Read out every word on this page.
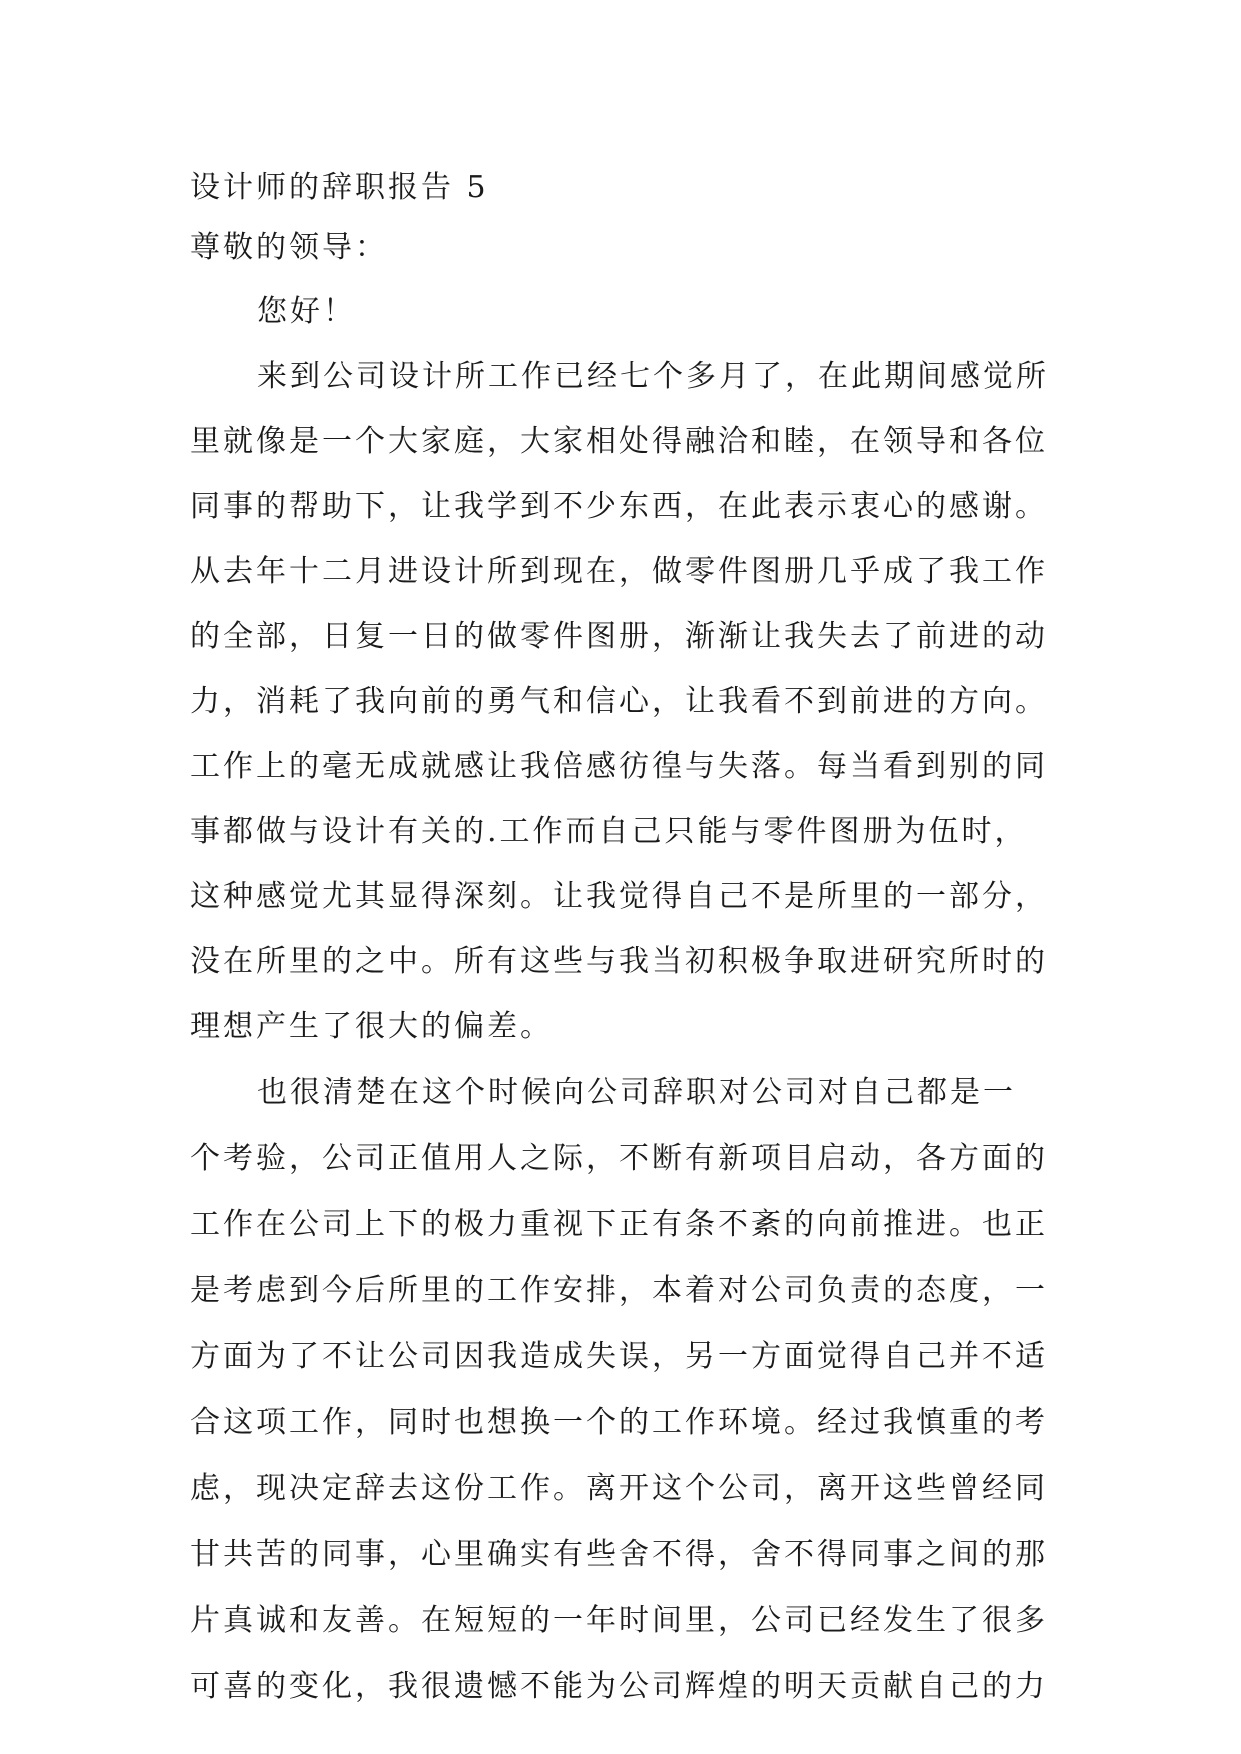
设计师的辞职报告 5
尊敬的领导：
您好！
来到公司设计所工作已经七个多月了，在此期间感觉所
里就像是一个大家庭，大家相处得融洽和睦，在领导和各位
同事的帮助下，让我学到不少东西，在此表示衷心的感谢。
从去年十二月进设计所到现在，做零件图册几乎成了我工作
的全部，日复一日的做零件图册，渐渐让我失去了前进的动
力，消耗了我向前的勇气和信心，让我看不到前进的方向。
工作上的毫无成就感让我倍感彷徨与失落。每当看到别的同
事都做与设计有关的.工作而自己只能与零件图册为伍时，
这种感觉尤其显得深刻。让我觉得自己不是所里的一部分，
没在所里的之中。所有这些与我当初积极争取进研究所时的
理想产生了很大的偏差。
也很清楚在这个时候向公司辞职对公司对自己都是一
个考验，公司正值用人之际，不断有新项目启动，各方面的
工作在公司上下的极力重视下正有条不紊的向前推进。也正
是考虑到今后所里的工作安排，本着对公司负责的态度，一
方面为了不让公司因我造成失误，另一方面觉得自己并不适
合这项工作，同时也想换一个的工作环境。经过我慎重的考
虑，现决定辞去这份工作。离开这个公司，离开这些曾经同
甘共苦的同事，心里确实有些舍不得，舍不得同事之间的那
片真诚和友善。在短短的一年时间里，公司已经发生了很多
可喜的变化，我很遗憾不能为公司辉煌的明天贡献自己的力
